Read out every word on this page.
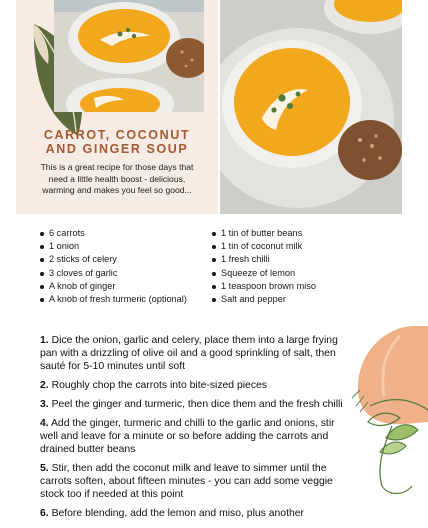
CARROT, COCONUT
AND GINGER SOUP

This is a great recipe for those days that need a little health boost - delicious, warming and makes you feel so good...

6 carrots
1 onion
2 sticks of celery
3 cloves of garlic
A knob of ginger
A knob of fresh turmeric (optional)
1 tin of butter beans
1 tin of coconut milk
1 fresh chilli
Squeeze of lemon
1 teaspoon brown miso
Salt and pepper

1. Dice the onion, garlic and celery, place them into a large frying pan with a drizzling of olive oil and a good sprinkling of salt, then sauté for 5-10 minutes until soft

2. Roughly chop the carrots into bite-sized pieces

3. Peel the ginger and turmeric, then dice them and the fresh chilli

4. Add the ginger, turmeric and chilli to the garlic and onions, stir well and leave for a minute or so before adding the carrots and drained butter beans

5. Stir, then add the coconut milk and leave to simmer until the carrots soften, about fifteen minutes - you can add some veggie stock too if needed at this point

6. Before blending, add the lemon and miso, plus another
